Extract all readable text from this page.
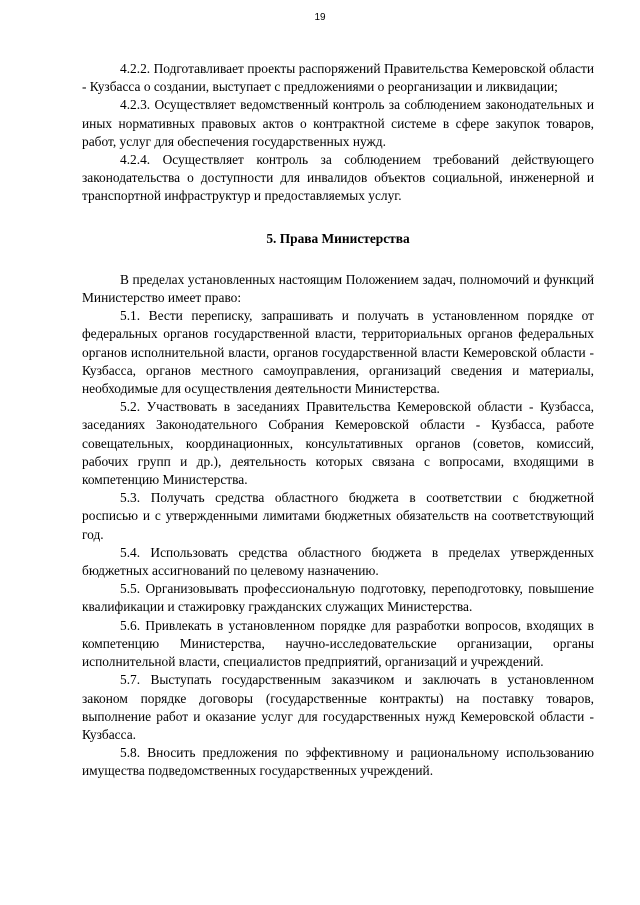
19

4.2.2. Подготавливает проекты распоряжений Правительства Кемеровской области - Кузбасса о создании, выступает с предложениями о реорганизации и ликвидации;

4.2.3. Осуществляет ведомственный контроль за соблюдением законодательных и иных нормативных правовых актов о контрактной системе в сфере закупок товаров, работ, услуг для обеспечения государственных нужд.

4.2.4. Осуществляет контроль за соблюдением требований действующего законодательства о доступности для инвалидов объектов социальной, инженерной и транспортной инфраструктур и предоставляемых услуг.

5. Права Министерства

В пределах установленных настоящим Положением задач, полномочий и функций Министерство имеет право:

5.1. Вести переписку, запрашивать и получать в установленном порядке от федеральных органов государственной власти, территориальных органов федеральных органов исполнительной власти, органов государственной власти Кемеровской области - Кузбасса, органов местного самоуправления, организаций сведения и материалы, необходимые для осуществления деятельности Министерства.

5.2. Участвовать в заседаниях Правительства Кемеровской области - Кузбасса, заседаниях Законодательного Собрания Кемеровской области - Кузбасса, работе совещательных, координационных, консультативных органов (советов, комиссий, рабочих групп и др.), деятельность которых связана с вопросами, входящими в компетенцию Министерства.

5.3. Получать средства областного бюджета в соответствии с бюджетной росписью и с утвержденными лимитами бюджетных обязательств на соответствующий год.

5.4. Использовать средства областного бюджета в пределах утвержденных бюджетных ассигнований по целевому назначению.

5.5. Организовывать профессиональную подготовку, переподготовку, повышение квалификации и стажировку гражданских служащих Министерства.

5.6. Привлекать в установленном порядке для разработки вопросов, входящих в компетенцию Министерства, научно-исследовательские организации, органы исполнительной власти, специалистов предприятий, организаций и учреждений.

5.7. Выступать государственным заказчиком и заключать в установленном законом порядке договоры (государственные контракты) на поставку товаров, выполнение работ и оказание услуг для государственных нужд Кемеровской области - Кузбасса.

5.8. Вносить предложения по эффективному и рациональному использованию имущества подведомственных государственных учреждений.
